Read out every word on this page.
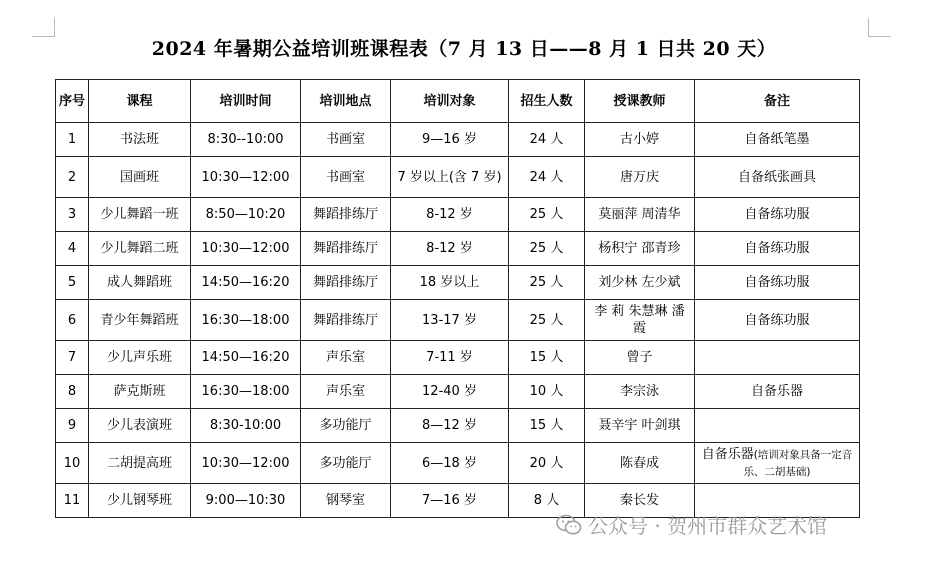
2024 年暑期公益培训班课程表（7 月 13 日——8 月 1 日共 20 天）
序号	课程	培训时间	培训地点	培训对象	招生人数	授课教师	备注
1	书法班	8:30--10:00	书画室	9—16 岁	24 人	古小婷	自备纸笔墨
2	国画班	10:30—12:00	书画室	7 岁以上(含 7 岁)	24 人	唐万庆	自备纸张画具
3	少儿舞蹈一班	8:50—10:20	舞蹈排练厅	8-12 岁	25 人	莫丽萍 周清华	自备练功服
4	少儿舞蹈二班	10:30—12:00	舞蹈排练厅	8-12 岁	25 人	杨积宁 邵青珍	自备练功服
5	成人舞蹈班	14:50—16:20	舞蹈排练厅	18 岁以上	25 人	刘少林 左少斌	自备练功服
6	青少年舞蹈班	16:30—18:00	舞蹈排练厅	13-17 岁	25 人	李 莉 朱慧琳 潘 霞	自备练功服
7	少儿声乐班	14:50—16:20	声乐室	7-11 岁	15 人	曾子	
8	萨克斯班	16:30—18:00	声乐室	12-40 岁	10 人	李宗泳	自备乐器
9	少儿表演班	8:30-10:00	多功能厅	8—12 岁	15 人	聂辛宇 叶剑琪	
10	二胡提高班	10:30—12:00	多功能厅	6—18 岁	20 人	陈春成	自备乐器(培训对象具备一定音乐、二胡基础)
11	少儿钢琴班	9:00—10:30	钢琴室	7—16 岁	8 人	秦长发	
公众号 · 贺州市群众艺术馆
